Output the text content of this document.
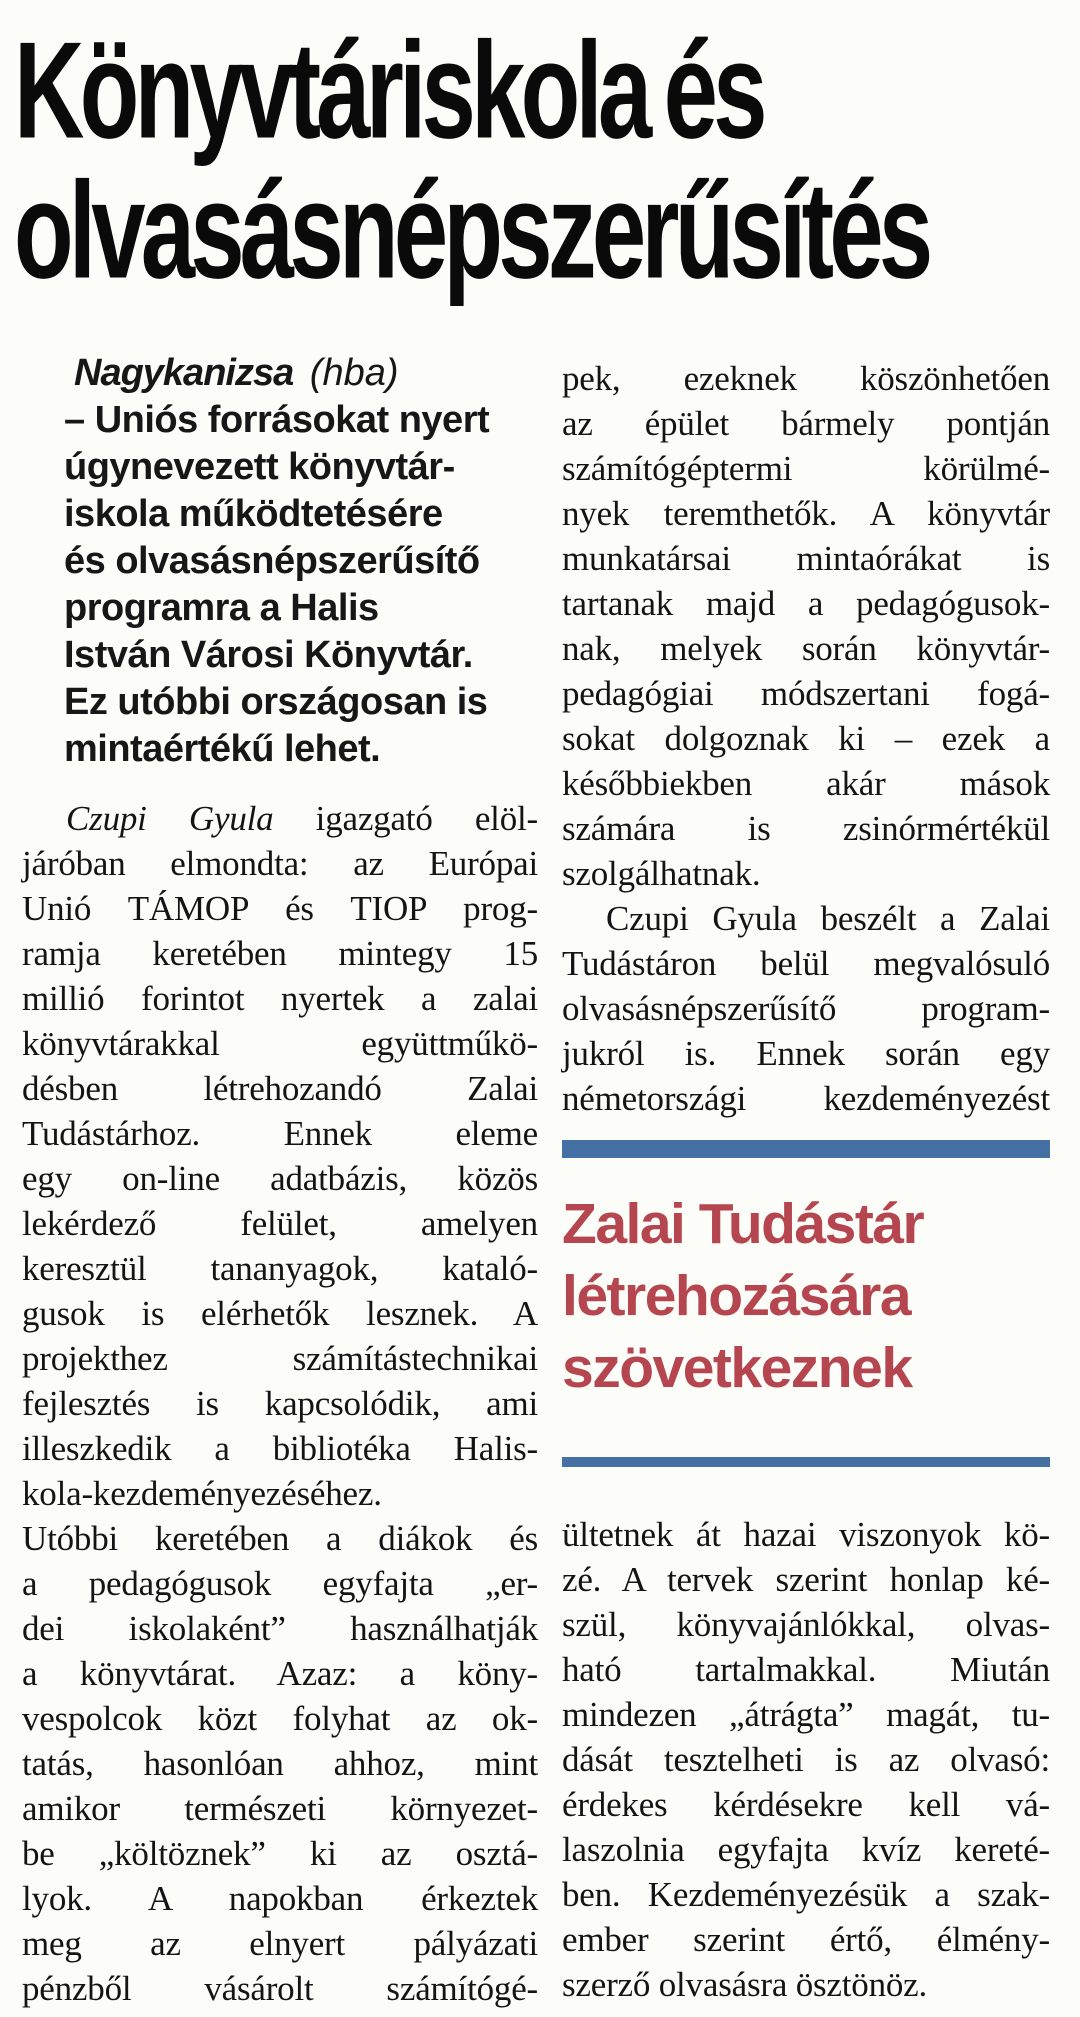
Könyvtáriskola és
olvasásnépszerűsítés
Nagykanizsa (hba)
– Uniós forrásokat nyert
úgynevezett könyvtár-
iskola működtetésére
és olvasásnépszerűsítő
programra a Halis
István Városi Könyvtár.
Ez utóbbi országosan is
mintaértékű lehet.
Czupi Gyula igazgató elöl-
járóban elmondta: az Európai
Unió TÁMOP és TIOP prog-
ramja keretében mintegy 15
millió forintot nyertek a zalai
könyvtárakkal együttműkö-
désben létrehozandó Zalai
Tudástárhoz. Ennek eleme
egy on-line adatbázis, közös
lekérdező felület, amelyen
keresztül tananyagok, kataló-
gusok is elérhetők lesznek. A
projekthez számítástechnikai
fejlesztés is kapcsolódik, ami
illeszkedik a bibliotéka Halis-
kola-kezdeményezéséhez.
Utóbbi keretében a diákok és
a pedagógusok egyfajta „er-
dei iskolaként” használhatják
a könyvtárat. Azaz: a köny-
vespolcok közt folyhat az ok-
tatás, hasonlóan ahhoz, mint
amikor természeti környezet-
be „költöznek” ki az osztá-
lyok. A napokban érkeztek
meg az elnyert pályázati
pénzből vásárolt számítógé-
pek, ezeknek köszönhetően
az épület bármely pontján
számítógéptermi körülmé-
nyek teremthetők. A könyvtár
munkatársai mintaórákat is
tartanak majd a pedagógusok-
nak, melyek során könyvtár-
pedagógiai módszertani fogá-
sokat dolgoznak ki – ezek a
későbbiekben akár mások
számára is zsinórmértékül
szolgálhatnak.
Czupi Gyula beszélt a Zalai
Tudástáron belül megvalósuló
olvasásnépszerűsítő program-
jukról is. Ennek során egy
németországi kezdeményezést
Zalai Tudástár
létrehozására
szövetkeznek
ültetnek át hazai viszonyok kö-
zé. A tervek szerint honlap ké-
szül, könyvajánlókkal, olvas-
ható tartalmakkal. Miután
mindezen „átrágta” magát, tu-
dását tesztelheti is az olvasó:
érdekes kérdésekre kell vá-
laszolnia egyfajta kvíz kereté-
ben. Kezdeményezésük a szak-
ember szerint értő, élmény-
szerző olvasásra ösztönöz.
